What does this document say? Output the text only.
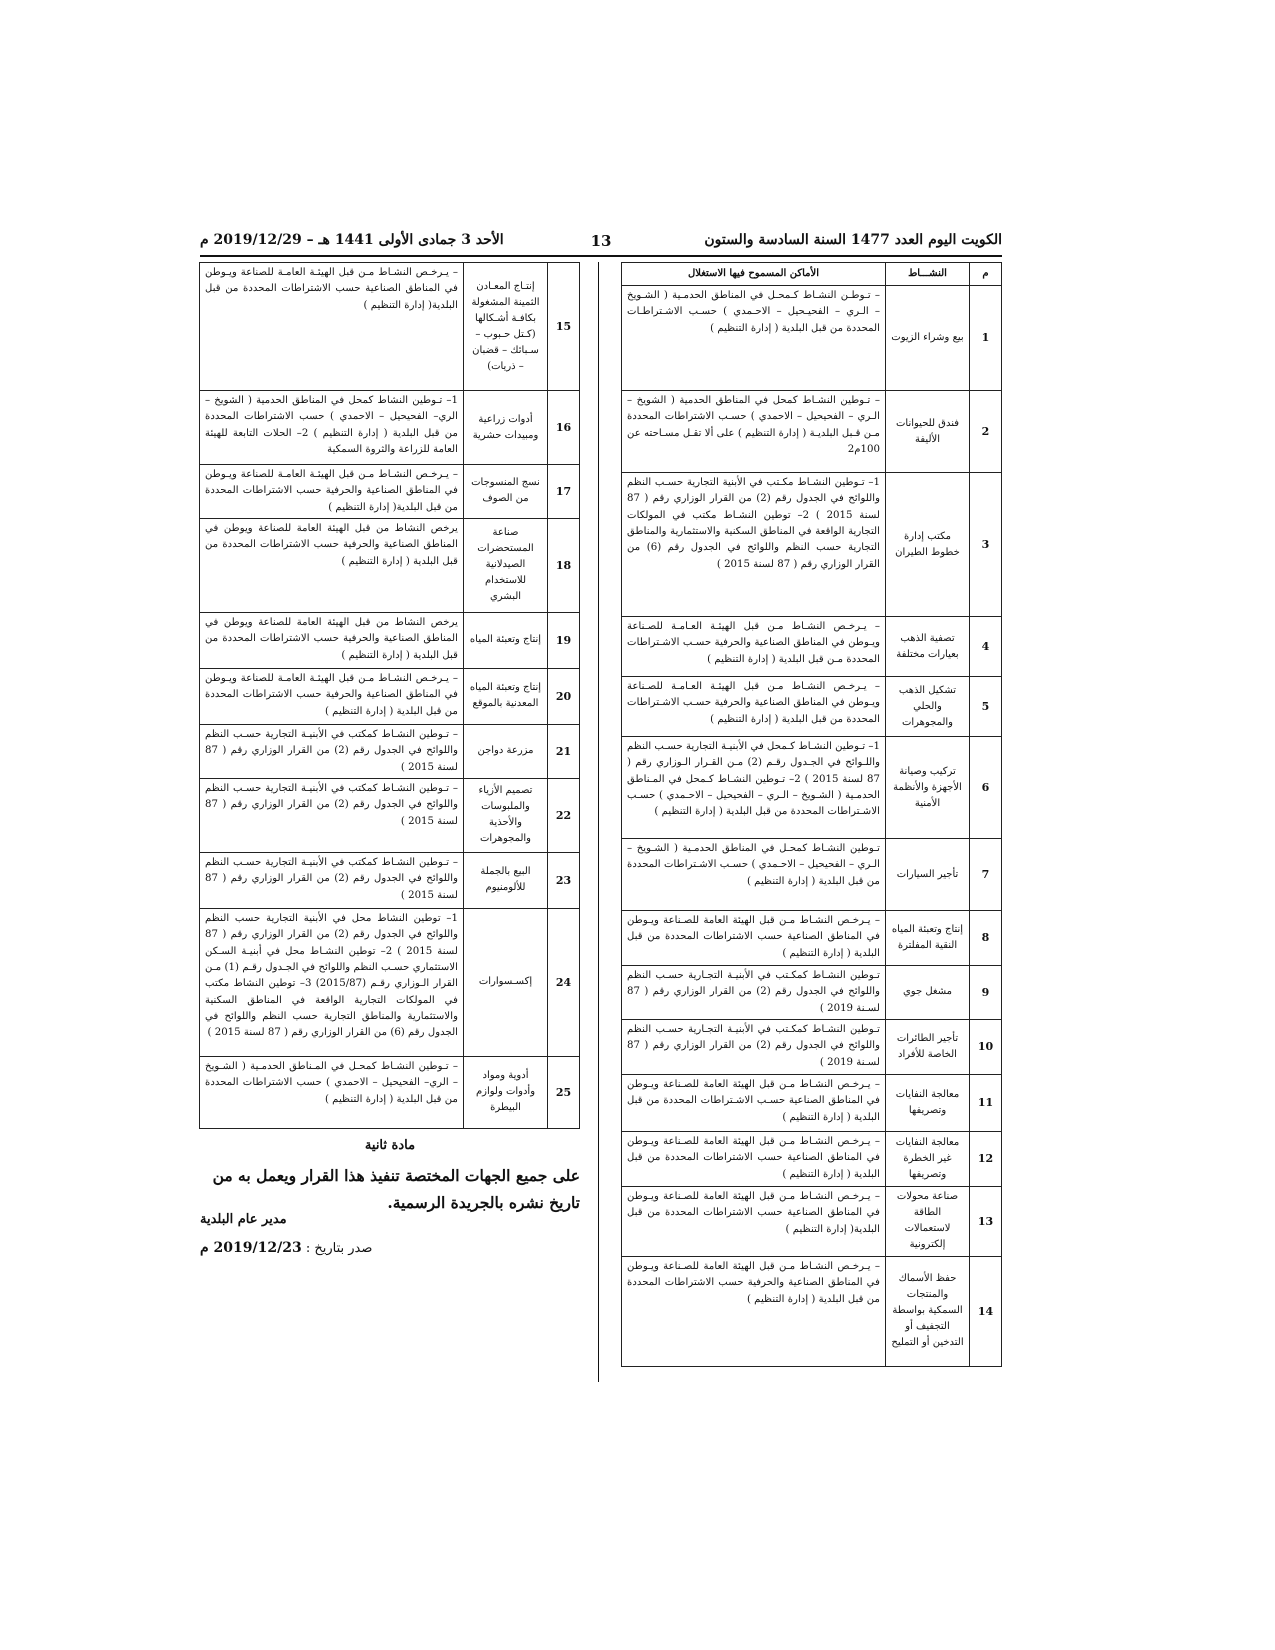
الكويت اليوم العدد 1477 السنة السادسة والستون
13
الأحد 3 جمادى الأولى 1441 هـ – 2019/12/29 م
م	النشـــاط	الأماكن المسموح فيها الاستغلال
1	بيع وشراء الزيوت	– تـوطـن النشـاط كـمحـل في المناطق الحدمـية ( الشـويخ – الـري – الفحيـحيل – الاحـمدي ) حسـب الاشـتراطـات المحددة من قبل البلدية ( إدارة التنظيم )
2	فندق للحيوانات الأليفة	– تـوطين النشـاط كمحل في المناطق الحدمية ( الشويخ – الـري – الفحيحيل – الاحمدي ) حسـب الاشتراطات المحددة مـن قـبل البلديـة ( إدارة التنظيم ) على ألا تقـل مسـاحته عن 100م2
3	مكتب إدارة خطوط الطيران	1– تـوطين النشـاط مكـتب في الأبنية التجارية حسـب النظم واللوائح في الجدول رقم (2) من القرار الوزاري رقم ( 87 لسنة 2015 ) 2– توطين النشـاط مكتب في المولكات التجارية الواقعة في المناطق السكنية والاستثمارية والمناطق التجارية حسب النظم واللوائح في الجدول رقم (6) من القرار الوزاري رقم ( 87 لسنة 2015 )
4	تصفية الذهب بعيارات مختلفة	– يـرخـص النشـاط مـن قبل الهيئـة العـامـة للصـناعة ويـوطن في المناطق الصناعية والحرفية حسـب الاشـتراطات المحددة مـن قبل البلدية ( إدارة التنظيم )
5	تشكيل الذهب والحلي والمجوهرات	– يـرخـص النشـاط مـن قبل الهيئـة العـامـة للصـناعة ويـوطن في المناطق الصناعية والحرفية حسـب الاشـتراطات المحددة من قبل البلدية ( إدارة التنظيم )
6	تركيب وصيانة الأجهزة والأنظمة الأمنية	1– تـوطين النشـاط كـمحل في الأبنيـة التجارية حسـب النظم واللـوائح في الجـدول رقـم (2) مـن القـرار الـوزاري رقم ( 87 لسنة 2015 ) 2– تـوطين النشـاط كـمحل في المـناطق الحدمـية ( الشـويخ – الـري – الفحيحيل – الاحـمدي ) حسـب الاشـتراطات المحددة من قبل البلدية ( إدارة التنظيم )
7	تأجير السيارات	تـوطين النشـاط كمحـل في المناطق الحدمـية ( الشـويخ – الـري – الفحيحيل – الاحـمدي ) حسـب الاشـتراطات المحددة من قبل البلدية ( إدارة التنظيم )
8	إنتاج وتعبئة المياه النقية المفلترة	– يـرخـص النشـاط مـن قبل الهيئة العامة للصـناعة ويـوطن في المناطق الصناعية حسب الاشتراطات المحددة من قبل البلدية ( إدارة التنظيم )
9	مشغل جوي	تـوطين النشـاط كمكـتب في الأبنيـة التجـارية حسـب النظم واللوائح في الجدول رقم (2) من القرار الوزاري رقم ( 87 لسـنة 2019 )
10	تأجير الطائرات الخاصة للأفراد	تـوطين النشـاط كمكـتب في الأبنيـة التجـارية حسـب النظم واللوائح في الجدول رقم (2) من القرار الوزاري رقم ( 87 لسـنة 2019 )
11	معالجة النفايات وتصريفها	– يـرخـص النشـاط مـن قبل الهيئة العامة للصـناعة ويـوطن في المناطق الصناعية حسـب الاشـتراطات المحددة من قبل البلدية ( إدارة التنظيم )
12	معالجة النفايات غير الخطرة وتصريفها	– يـرخـص النشـاط مـن قبل الهيئة العامة للصـناعة ويـوطن في المناطق الصناعية حسب الاشتراطات المحددة من قبل البلدية ( إدارة التنظيم )
13	صناعة محولات الطاقة لاستعمالات إلكترونية	– يـرخـص النشـاط مـن قبل الهيئة العامة للصـناعة ويـوطن في المناطق الصناعية حسب الاشتراطات المحددة من قبل البلدية( إدارة التنظيم )
14	حفظ الأسماك والمنتجات السمكية بواسطة التجفيف أو التدخين أو التمليح	– يـرخـص النشـاط مـن قبل الهيئة العامة للصـناعة ويـوطن في المناطق الصناعية والحرفية حسب الاشتراطات المحددة من قبل البلدية ( إدارة التنظيم )
15	إنتـاج المعـادن الثمينة المشغولة بكافـة أشـكالها (كـتل حـبوب – سـبائك – قضبان – ذريات)	– يـرخـص النشـاط مـن قبل الهيئـة العامـة للصناعة ويـوطن في المناطق الصناعية حسب الاشتراطات المحددة من قبل البلدية( إدارة التنظيم )
16	أدوات زراعية ومبيدات حشرية	1– تـوطين النشاط كمحل في المناطق الحدمية ( الشويخ – الري– الفحيحيل – الاحمدي ) حسب الاشتراطات المحددة من قبل البلدية ( إدارة التنظيم ) 2– الحلات التابعة للهيئة العامة للزراعة والثروة السمكية
17	نسج المنسوجات من الصوف	– يـرخـص النشـاط مـن قبل الهيئـة العامـة للصناعة ويـوطن في المناطق الصناعية والحرفية حسب الاشتراطات المحددة من قبل البلدية( إدارة التنظيم )
18	صناعة المستحضرات الصيدلانية للاستخدام البشري	يرخص النشاط من قبل الهيئة العامة للصناعة ويوطن في المناطق الصناعية والحرفية حسب الاشتراطات المحددة من قبل البلدية ( إدارة التنظيم )
19	إنتاج وتعبئة المياه	يرخص النشاط من قبل الهيئة العامة للصناعة ويوطن في المناطق الصناعية والحرفية حسب الاشتراطات المحددة من قبل البلدية ( إدارة التنظيم )
20	إنتاج وتعبئة المياه المعدنية بالموقع	– يـرخـص النشـاط مـن قبل الهيئـة العامـة للصناعة ويـوطن في المناطق الصناعية والحرفية حسب الاشتراطات المحددة من قبل البلدية ( إدارة التنظيم )
21	مزرعة دواجن	– تـوطين النشـاط كمكتب في الأبنيـة التجارية حسـب النظم واللوائح في الجدول رقم (2) من القرار الوزاري رقم ( 87 لسنة 2015 )
22	تصميم الأزياء والملبوسات والأحذية والمجوهرات	– تـوطين النشـاط كمكتب في الأبنيـة التجارية حسـب النظم واللوائح في الجدول رقم (2) من القرار الوزاري رقم ( 87 لسنة 2015 )
23	البيع بالجملة للألومنيوم	– تـوطين النشـاط كمكتب في الأبنيـة التجارية حسـب النظم واللوائح في الجدول رقم (2) من القرار الوزاري رقم ( 87 لسنة 2015 )
24	إكسـسوارات	1– توطين النشاط محل في الأبنية التجارية حسب النظم واللوائح في الجدول رقم (2) من القرار الوزاري رقم ( 87 لسنة 2015 ) 2– توطين النشـاط محل في أبنيـة السـكن الاستثماري حسـب النظم واللوائح في الجـدول رقـم (1) مـن القرار الـوزاري رقـم (2015/87) 3– توطين النشاط مكتب في المولكات التجارية الواقعة في المناطق السكنية والاستثمارية والمناطق التجارية حسب النظم واللوائح في الجدول رقم (6) من القرار الوزاري رقم ( 87 لسنة 2015 )
25	أدوية ومواد وأدوات ولوازم البيطرة	– تـوطين النشـاط كمحـل في المـناطق الحدمـية ( الشـويخ – الري– الفحيحيل – الاحمدي ) حسب الاشتراطات المحددة من قبل البلدية ( إدارة التنظيم )
مادة ثانية
على جميع الجهات المختصة تنفيذ هذا القرار ويعمل به من تاريخ نشره بالجريدة الرسمية.
مدير عام البلدية
صدر بتاريخ : 2019/12/23 م
